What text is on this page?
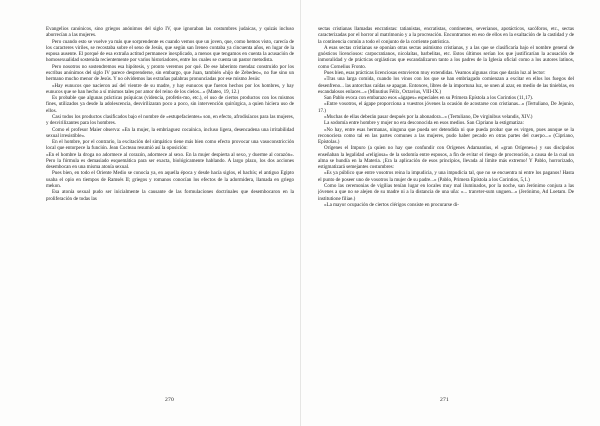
Evangelios canónicos, sino griegos anónimos del siglo IV, que ignoraban las costumbres judaicas, y quizás incluso aborrecían a las mujeres.

Pero cuando esto se vuelve ya más que sorprendente es cuando vemos que un joven, que, como hemos visto, carecía de los caracteres viriles, se recostaba sobre el seno de Jesús, que según san Ireneo contaba ya cincuenta años, en lugar de la esposa ausente. El porqué de esa extraña actitud permanece inexplicado, a menos que tengamos en cuenta la acusación de homosexualidad sostenida recientemente por varios historiadores, entre los cuales se cuenta un pastor metodista.

Pero nosotros no sostendremos esa hipótesis, y pronto veremos por qué. De ese laberinto mendaz construido por los escribas anónimos del siglo IV parece desprenderse, sin embargo, que Juan, también «hijo de Zebedeo», no fue sino un hermano mucho menor de Jesús. Y no olvidemos las extrañas palabras pronunciadas por ese mismo Jesús:

«Hay eunucos que nacieron así del vientre de su madre, y hay eunucos que fueron hechos por los hombres, y hay eunucos que se han hecho a sí mismos tales por amor del reino de los cielos...» (Mateo, 19, 12.)

Es probable que algunas prácticas psíquicas (videncia, profetis-mo, etc.), el uso de ciertos productos con los mismos fines, utilizados ya desde la adolescencia, desvirilizaran poco a poco, sin intervención quirúrgica, a quien hiciera uso de ellos.

Casi todos los productos clasificados bajo el nombre de «estupefacientes» son, en efecto, afrodisíacos para las mujeres, y desvirilizantes para los hombres.

Como el profesor Maier observa: «En la mujer, la embriaguez cocaínica, incluso ligera, desencadena una irritabilidad sexual irresistible».

En el hombre, por el contrario, la excitación del simpático tiene más bien como efecto provocar una vasoconstricción local que entorpece la función. Jean Cocteau resumió así la oposición:

«En el hombre la droga no adormece al corazón, adormece al sexo. En la mujer despierta al sexo, y duerme al corazón». Pero la fórmula es demasiado esquemática para ser exacta, biológicamente hablando. A largo plazo, los dos acciones desembocan en una misma atonía sexual.

Pues bien, en todo el Oriente Medio se conocía ya, en aquella época y desde hacía siglos, el hachís; el antiguo Egipto usaba el opio en tiempos de Ramsés II; griegos y romanos conocían los efectos de la adormidera, llamada en griego mekon.

Esa atonía sexual pudo ser inicialmente la causante de las formulaciones doctrinales que desembocaron en la proliferación de todas las

sectas cristianas llamadas encratistas: tatianistas, encratistas, continentes, severianos, apotácticos, sacóforos, etc., sectas caracterizadas por el horror al matrimonio y a la procreación. Encontramos en eso de ellos en la exaltación de la castidad y de la continencia común a todo el conjunto de la corriente patrística.

A esas sectas cristianas se oponían otras sectas asimismo cristianas, y a las que se clasificaría bajo el nombre general de gnósticos licenciosos: carpocratianos, nicolaítas, barbelitas, etc. Estos últimos serían los que justificarían la acusación de inmoralidad y de prácticas orgiásticas que escandalizaron tanto a los padres de la Iglesia oficial como a los autores latinos, como Cornelius Fronto.

Pues bien, esas prácticas licenciosas estuvieron muy extendidas. Veamos algunas citas que darán luz al lector:

«Tras una larga comida, cuando los vinos con los que se han embriagado comienzan a excitar en ellos los fuegos del desenfreno... las antorchas caídas se apagan. Entonces, libres de la importuna luz, se unen al azar, en medio de las tinieblas, en escandalosos enlaces...» (Minutius Félix, Octavius, VIII-IX.)

San Pablo evoca con embarazo esos «ágapes» especiales en su Primera Epístola a los Corintios (11,17).

«Entre vosotros, el ágape proporciona a vuestros jóvenes la ocasión de acostarse con cristianas...» (Tertuliano, De Jejunio, 17.)

«Muchas de ellas deberán pasar después por la abonadora...» (Tertuliano, De virginibus velandis, XIV.)

La sodomía entre hombre y mujer no era desconocida en esos medios. San Cipriano la estigmatiza:

«No hay, entre esas hermanas, ninguna que pueda ser detendida ni que pueda probar que es virgen, pues aunque se la reconociera como tal en las partes comunes a las mujeres, pudo haber pecado en otras partes del cuerpo...» (Cipriano, Epístolas.)

Orígenes el Impuro (a quien no hay que confundir con Orígenes Adamantius, el «gran Orígenes») y sus discípulos enseñaban la legalidad «religiosa» de la sodomía entre esposos, a fin de evitar el riesgo de procreación, a causa de la cual un alma se hundía en la Materia. ¡Era la aplicación de esos principios, llevada al límite más extremo! Y Pablo, horrorizado, estigmatizará semejantes costumbres:

«Es ya público que entre vosotros reina la impudicia, y una impudicia tal, que no se encuentra ni entre los paganos! Hasta el punto de poseer uno de vosotros la mujer de su padre...» (Pablo, Primera Epístola a los Corintios, 5,1.)

Como las ceremonias de vigilias tenían lugar en locales muy mal iluminados, por la noche, san Jerónimo conjura a las jóvenes a que no se alejen de su madre ni a la distancia de una uña: «... tranvter-sum unguen...» (Jerónimo, Ad Loetam. De institutione filiae.)

«La mayor ocupación de ciertos clérigos consiste en procurarse di-

270	271
